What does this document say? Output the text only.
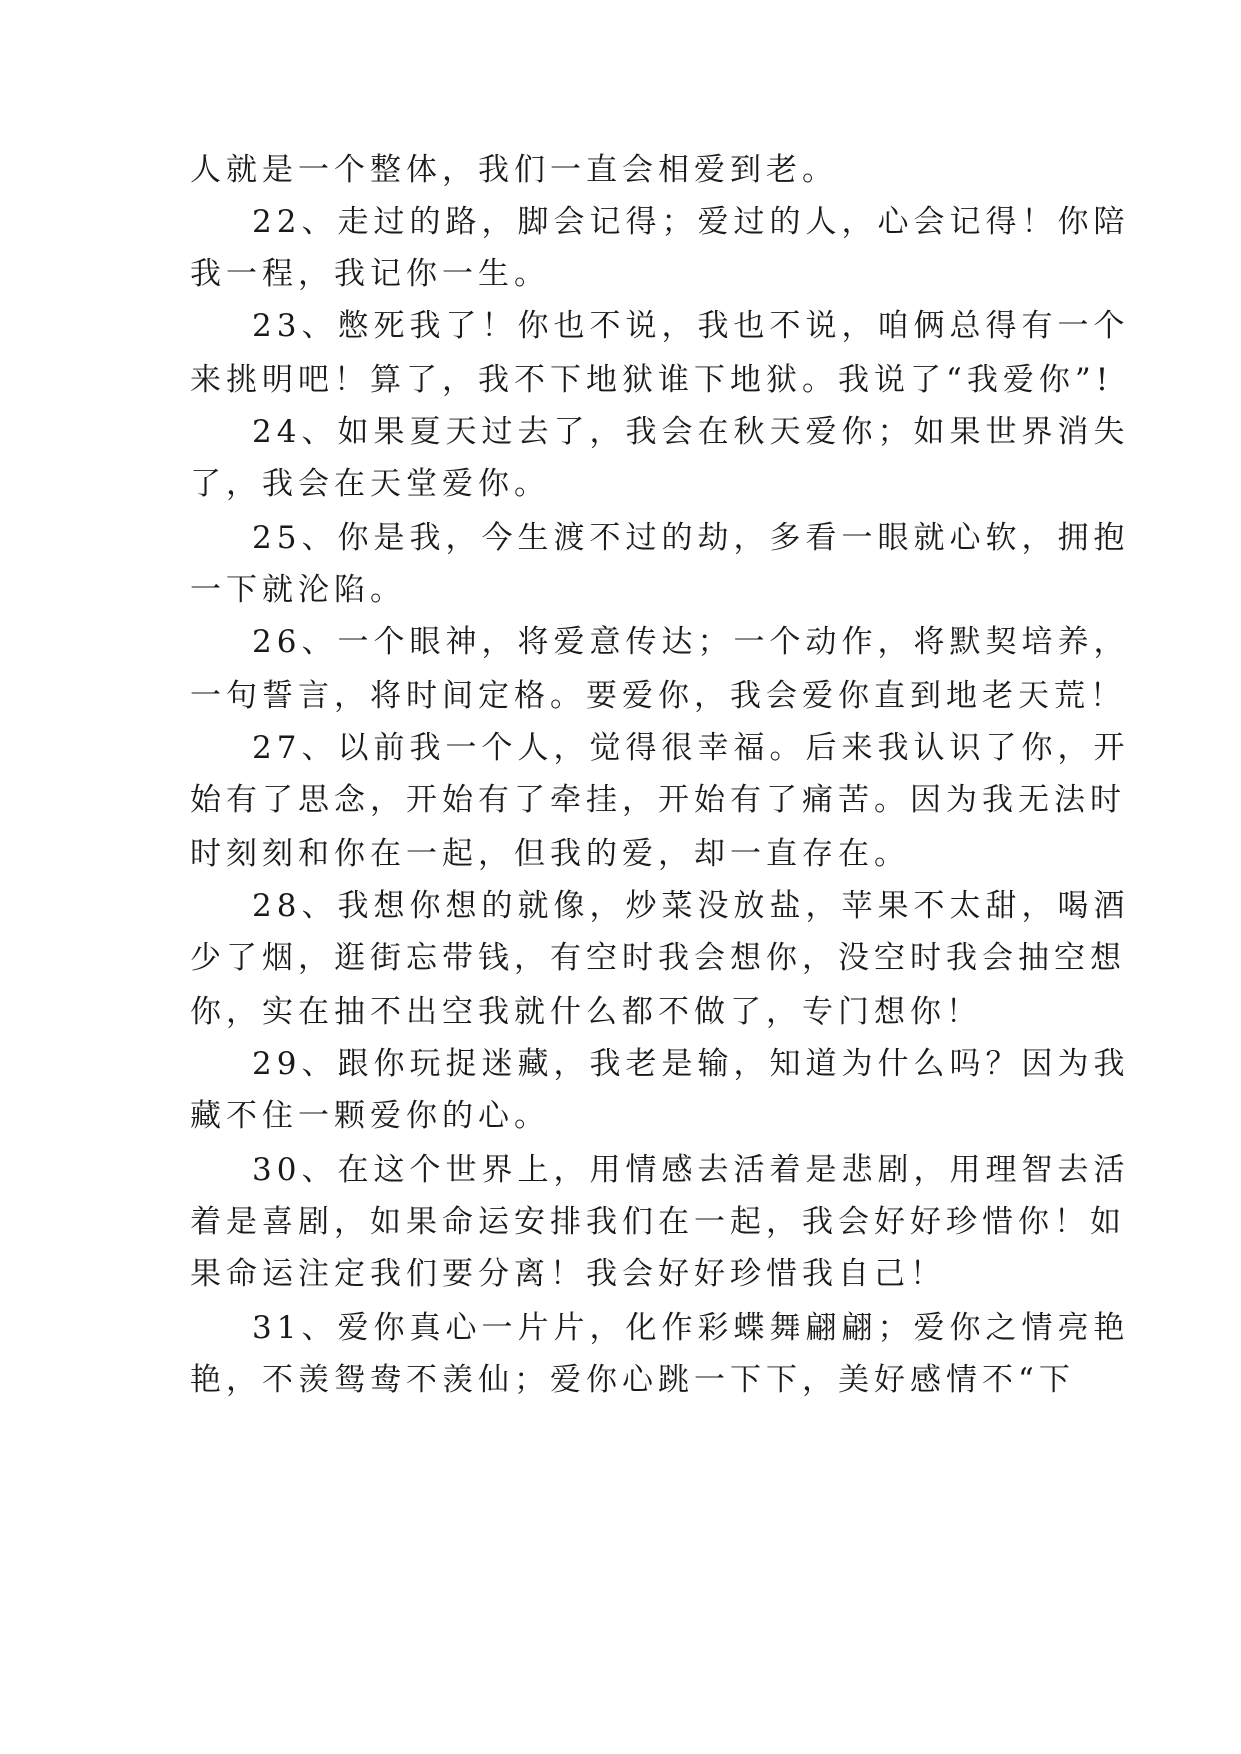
人就是一个整体，我们一直会相爱到老。

22、走过的路，脚会记得；爱过的人，心会记得！你陪

我一程，我记你一生。

23、憋死我了！你也不说，我也不说，咱俩总得有一个

来挑明吧！算了，我不下地狱谁下地狱。我说了“我爱你”!

24、如果夏天过去了，我会在秋天爱你；如果世界消失

了，我会在天堂爱你。

25、你是我，今生渡不过的劫，多看一眼就心软，拥抱

一下就沦陷。

26、一个眼神，将爱意传达；一个动作，将默契培养，

一句誓言，将时间定格。要爱你，我会爱你直到地老天荒！

27、以前我一个人，觉得很幸福。后来我认识了你，开

始有了思念，开始有了牵挂，开始有了痛苦。因为我无法时

时刻刻和你在一起，但我的爱，却一直存在。

28、我想你想的就像，炒菜没放盐，苹果不太甜，喝酒

少了烟，逛街忘带钱，有空时我会想你，没空时我会抽空想

你，实在抽不出空我就什么都不做了，专门想你！

29、跟你玩捉迷藏，我老是输，知道为什么吗？因为我

藏不住一颗爱你的心。

30、在这个世界上，用情感去活着是悲剧，用理智去活

着是喜剧，如果命运安排我们在一起，我会好好珍惜你！如

果命运注定我们要分离！我会好好珍惜我自己！

31、爱你真心一片片，化作彩蝶舞翩翩；爱你之情亮艳

艳，不羡鸳鸯不羡仙；爱你心跳一下下，美好感情不“下
